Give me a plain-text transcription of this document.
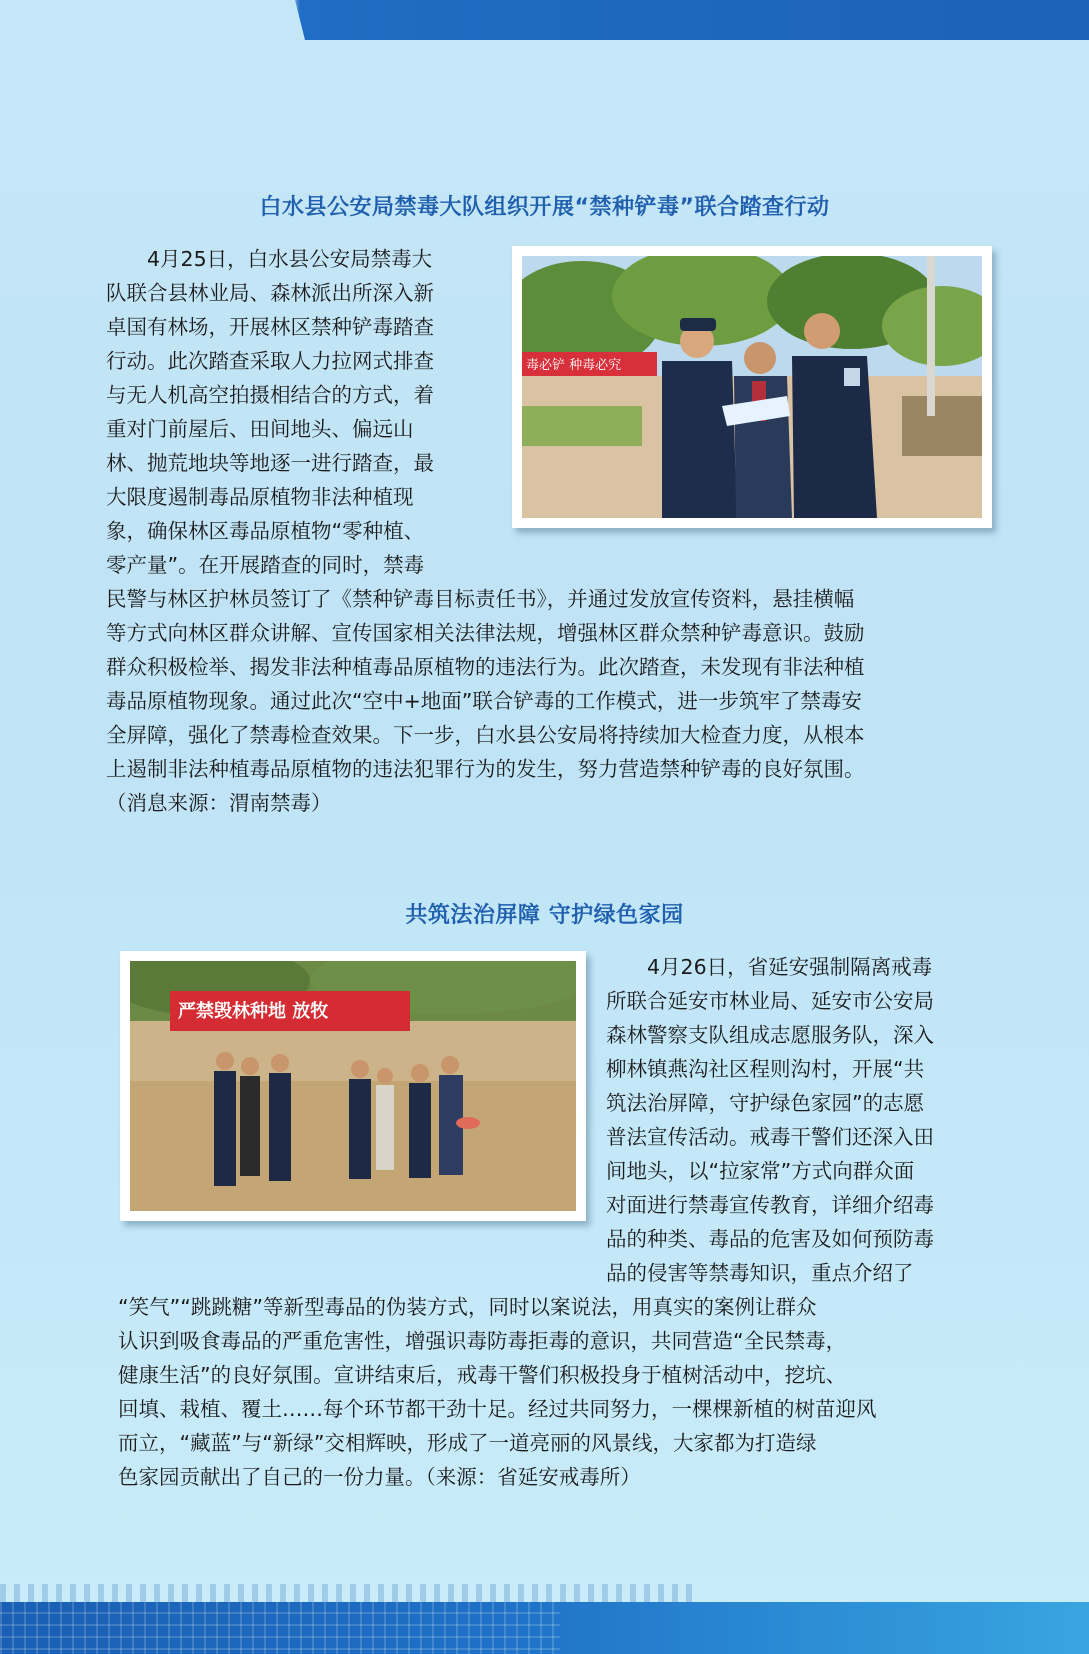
白水县公安局禁毒大队组织开展“禁种铲毒”联合踏查行动
毒必铲 种毒必究

4月25日，白水县公安局禁毒大

队联合县林业局、森林派出所深入新

卓国有林场，开展林区禁种铲毒踏查

行动。此次踏查采取人力拉网式排查

与无人机高空拍摄相结合的方式，着

重对门前屋后、田间地头、偏远山

林、抛荒地块等地逐一进行踏查，最

大限度遏制毒品原植物非法种植现

象，确保林区毒品原植物“零种植、

零产量”。在开展踏查的同时，禁毒

民警与林区护林员签订了《禁种铲毒目标责任书》，并通过发放宣传资料，悬挂横幅

等方式向林区群众讲解、宣传国家相关法律法规，增强林区群众禁种铲毒意识。鼓励

群众积极检举、揭发非法种植毒品原植物的违法行为。此次踏查，未发现有非法种植

毒品原植物现象。通过此次“空中+地面”联合铲毒的工作模式，进一步筑牢了禁毒安

全屏障，强化了禁毒检查效果。下一步，白水县公安局将持续加大检查力度，从根本

上遏制非法种植毒品原植物的违法犯罪行为的发生，努力营造禁种铲毒的良好氛围。

（消息来源：渭南禁毒）

共筑法治屏障 守护绿色家园
严禁毁林种地 放牧

4月26日，省延安强制隔离戒毒

所联合延安市林业局、延安市公安局

森林警察支队组成志愿服务队，深入

柳林镇燕沟社区程则沟村，开展“共

筑法治屏障，守护绿色家园”的志愿

普法宣传活动。戒毒干警们还深入田

间地头，以“拉家常”方式向群众面

对面进行禁毒宣传教育，详细介绍毒

品的种类、毒品的危害及如何预防毒

品的侵害等禁毒知识，重点介绍了

“笑气”“跳跳糖”等新型毒品的伪装方式，同时以案说法，用真实的案例让群众

认识到吸食毒品的严重危害性，增强识毒防毒拒毒的意识，共同营造“全民禁毒，

健康生活”的良好氛围。宣讲结束后，戒毒干警们积极投身于植树活动中，挖坑、

回填、栽植、覆土……每个环节都干劲十足。经过共同努力，一棵棵新植的树苗迎风

而立，“藏蓝”与“新绿”交相辉映，形成了一道亮丽的风景线，大家都为打造绿

色家园贡献出了自己的一份力量。（来源：省延安戒毒所）
